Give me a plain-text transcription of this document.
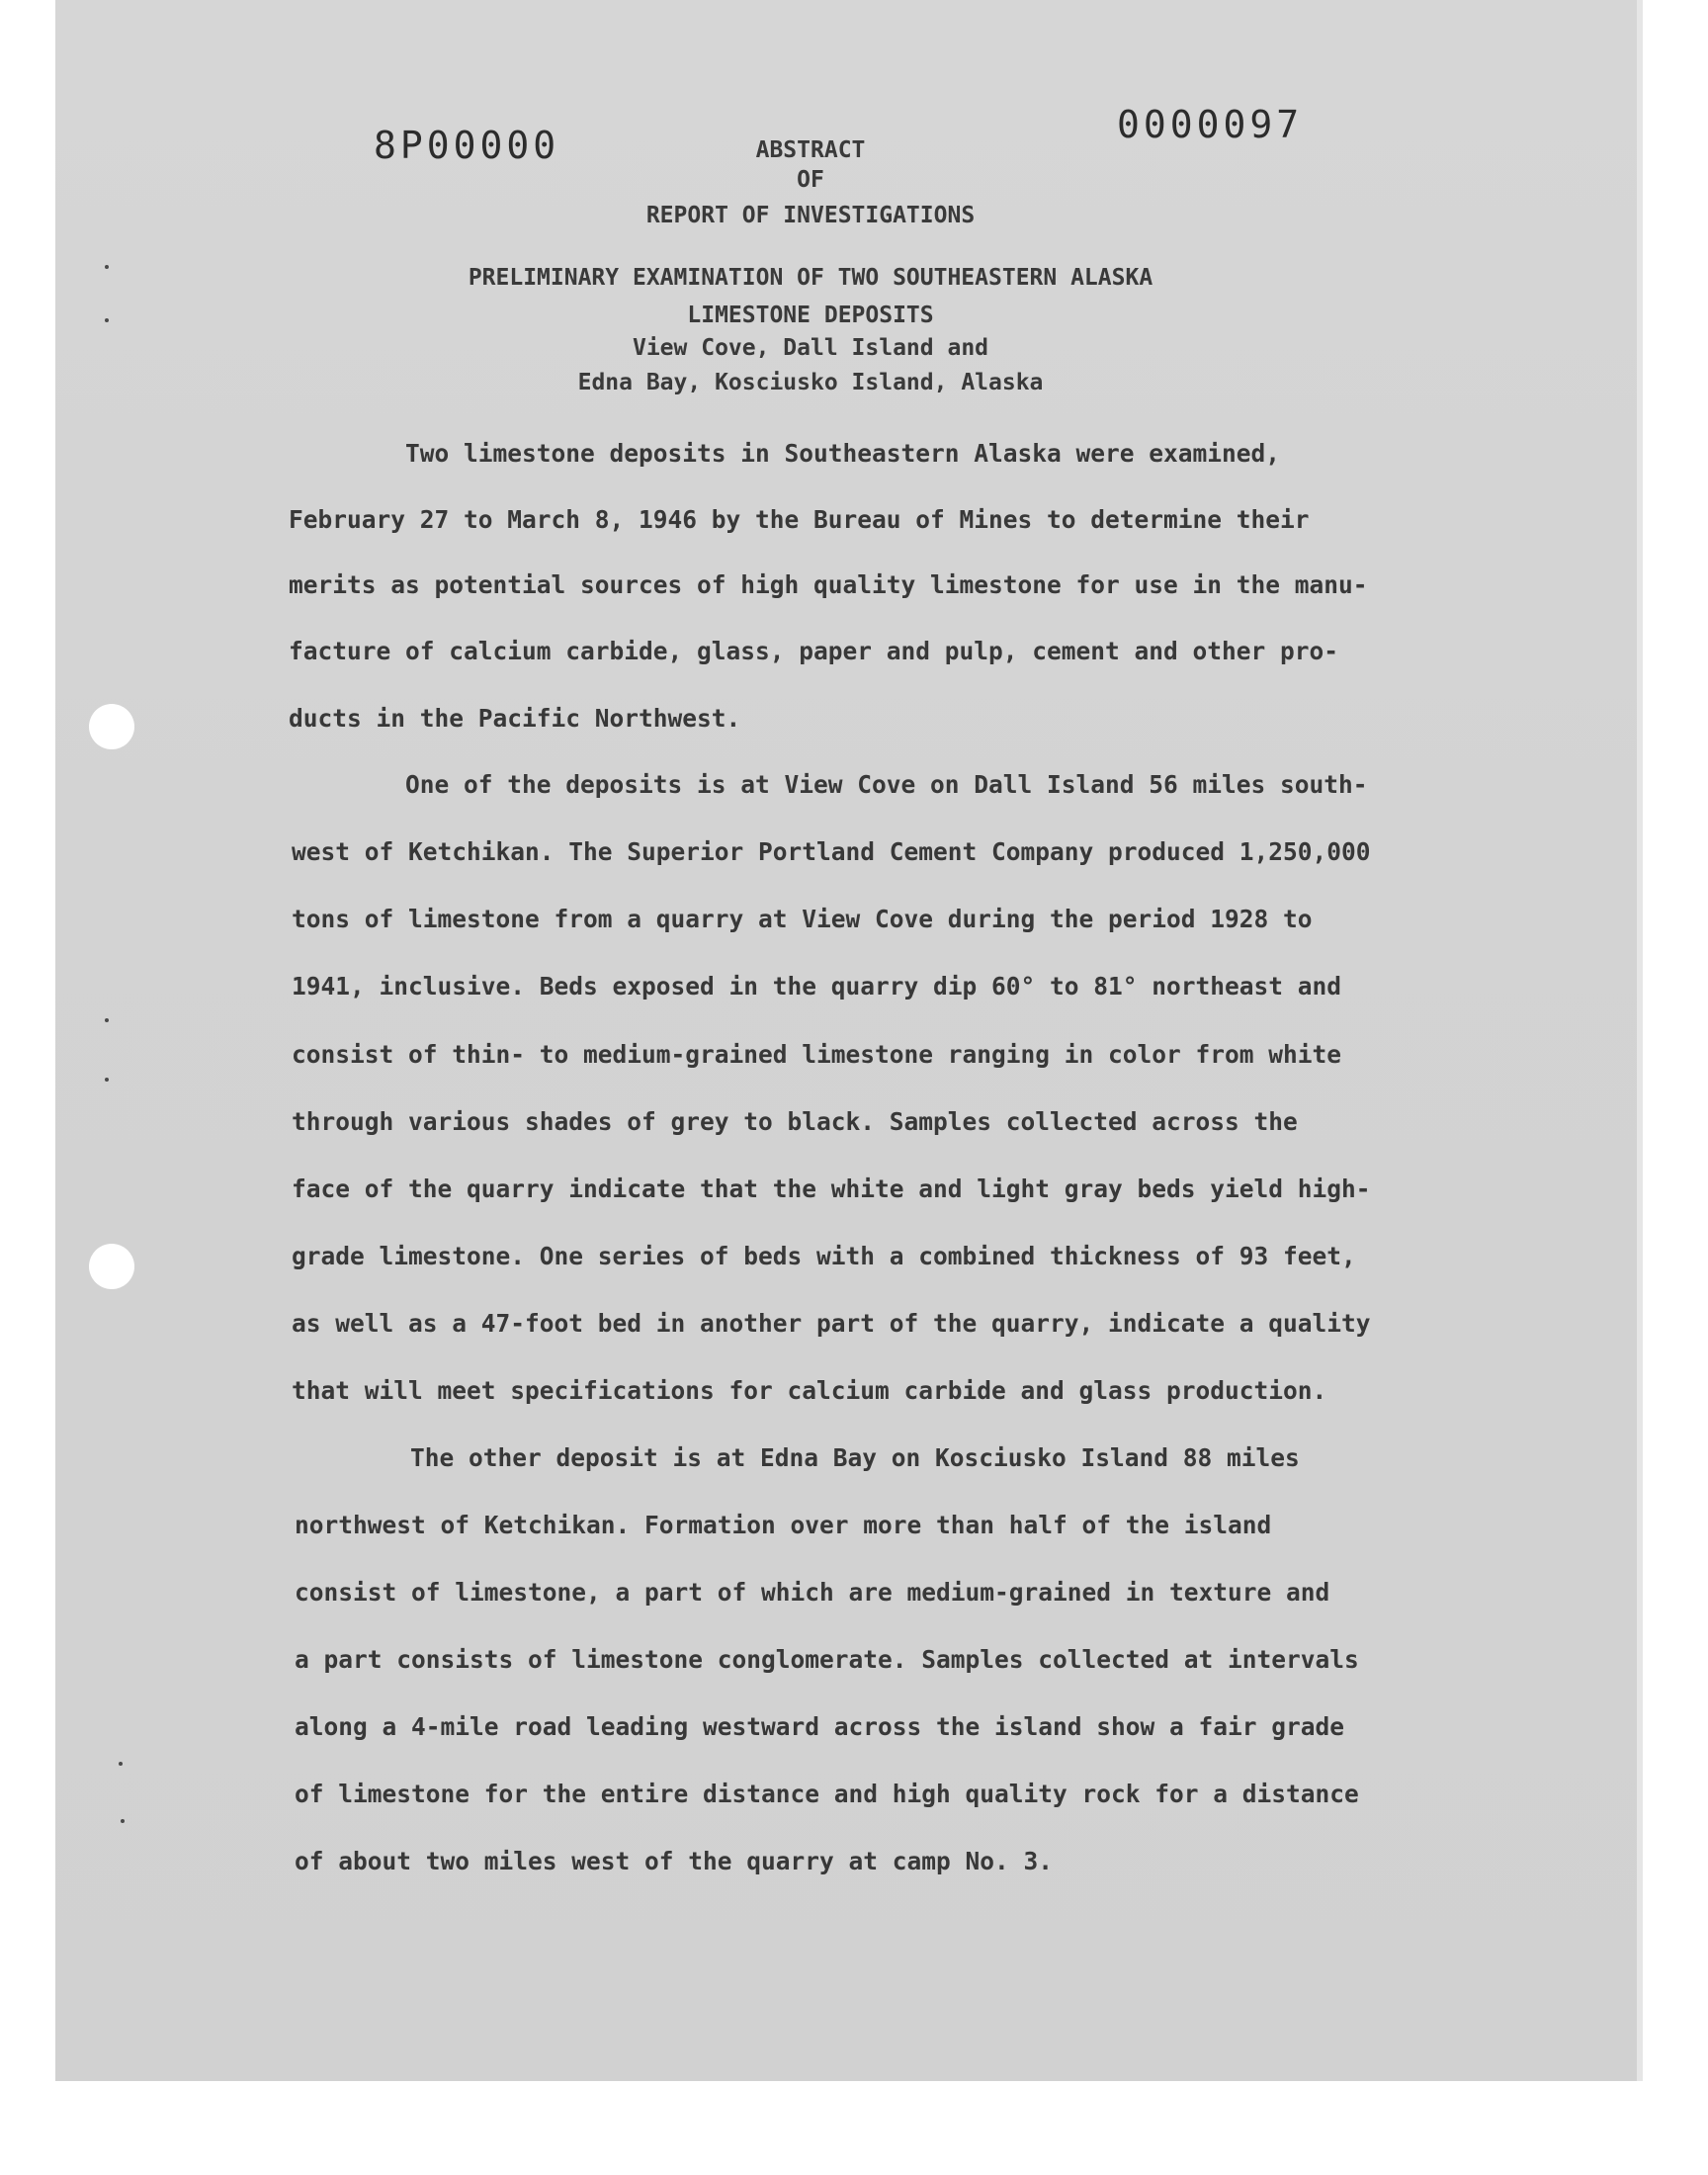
8P00000	0000097
ABSTRACT
OF
REPORT OF INVESTIGATIONS
PRELIMINARY EXAMINATION OF TWO SOUTHEASTERN ALASKA
LIMESTONE DEPOSITS
View Cove, Dall Island and
Edna Bay, Kosciusko Island, Alaska
Two limestone deposits in Southeastern Alaska were examined,
February 27 to March 8, 1946 by the Bureau of Mines to determine their
merits as potential sources of high quality limestone for use in the manu-
facture of calcium carbide, glass, paper and pulp, cement and other pro-
ducts in the Pacific Northwest.
One of the deposits is at View Cove on Dall Island 56 miles south-
west of Ketchikan. The Superior Portland Cement Company produced 1,250,000
tons of limestone from a quarry at View Cove during the period 1928 to
1941, inclusive. Beds exposed in the quarry dip 60° to 81° northeast and
consist of thin- to medium-grained limestone ranging in color from white
through various shades of grey to black. Samples collected across the
face of the quarry indicate that the white and light gray beds yield high-
grade limestone. One series of beds with a combined thickness of 93 feet,
as well as a 47-foot bed in another part of the quarry, indicate a quality
that will meet specifications for calcium carbide and glass production.
The other deposit is at Edna Bay on Kosciusko Island 88 miles
northwest of Ketchikan. Formation over more than half of the island
consist of limestone, a part of which are medium-grained in texture and
a part consists of limestone conglomerate. Samples collected at intervals
along a 4-mile road leading westward across the island show a fair grade
of limestone for the entire distance and high quality rock for a distance
of about two miles west of the quarry at camp No. 3.
